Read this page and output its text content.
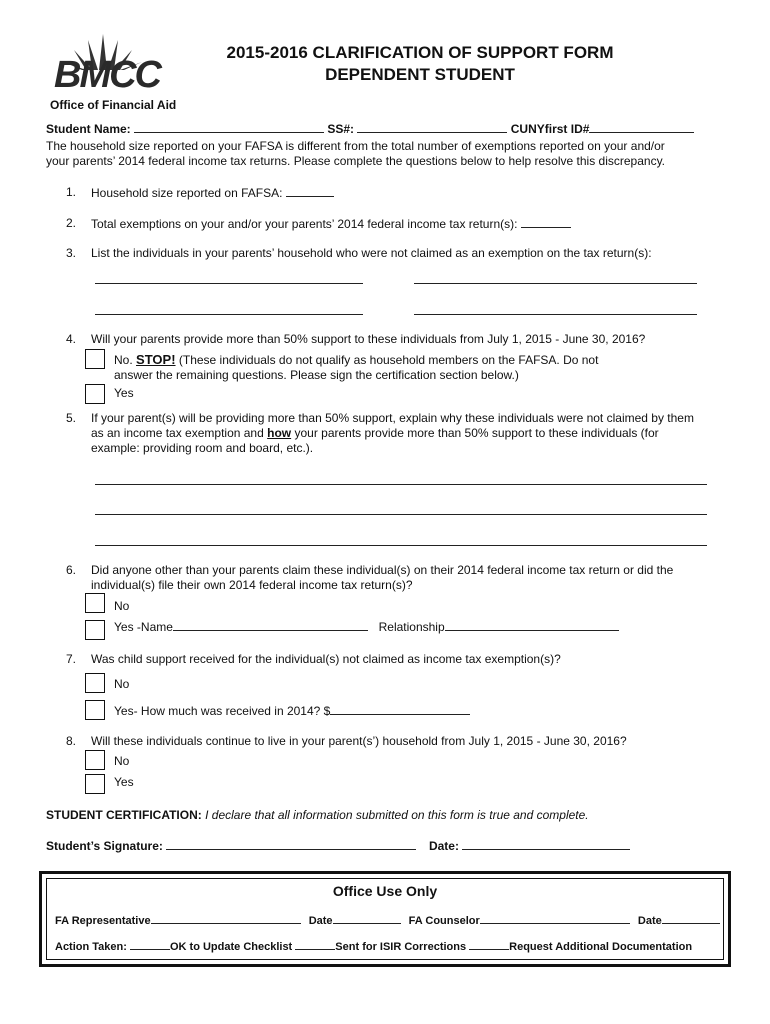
BMCC
Office of Financial Aid
2015-2016 CLARIFICATION OF SUPPORT FORM
DEPENDENT STUDENT
Student Name:	SS#:	CUNYfirst ID#
The household size reported on your FAFSA is different from the total number of exemptions reported on your and/or
your parents’ 2014 federal income tax returns. Please complete the questions below to help resolve this discrepancy.
1. Household size reported on FAFSA:
2. Total exemptions on your and/or your parents’ 2014 federal income tax return(s):
3. List the individuals in your parents’ household who were not claimed as an exemption on the tax return(s):
4. Will your parents provide more than 50% support to these individuals from July 1, 2015 - June 30, 2016?
No. STOP! (These individuals do not qualify as household members on the FAFSA. Do not
answer the remaining questions. Please sign the certification section below.)
Yes
5. If your parent(s) will be providing more than 50% support, explain why these individuals were not claimed by them
as an income tax exemption and how your parents provide more than 50% support to these individuals (for
example: providing room and board, etc.).
6. Did anyone other than your parents claim these individual(s) on their 2014 federal income tax return or did the
individual(s) file their own 2014 federal income tax return(s)?
No
Yes -Name	Relationship
7. Was child support received for the individual(s) not claimed as income tax exemption(s)?
No
Yes- How much was received in 2014? $
8. Will these individuals continue to live in your parent(s’) household from July 1, 2015 - June 30, 2016?
No
Yes
STUDENT CERTIFICATION: I declare that all information submitted on this form is true and complete.
Student’s Signature:	Date:
Office Use Only
FA Representative	Date	FA Counselor	Date
Action Taken:	OK to Update Checklist	Sent for ISIR Corrections	Request Additional Documentation
